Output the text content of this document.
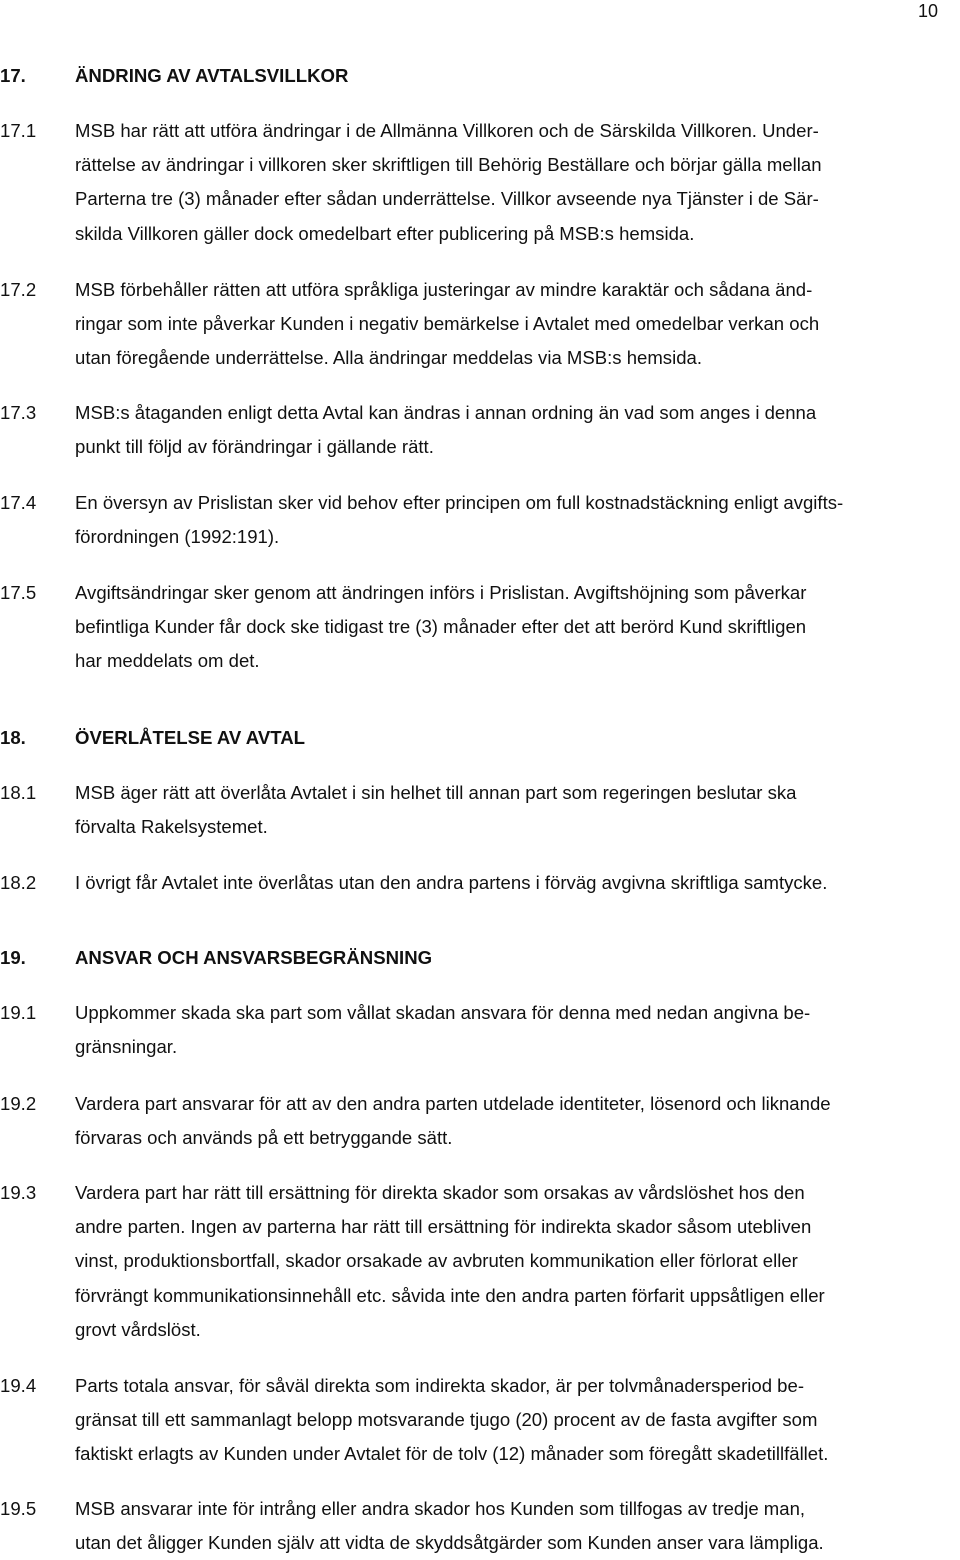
10
17.	ÄNDRING AV AVTALSVILLKOR
17.1 MSB har rätt att utföra ändringar i de Allmänna Villkoren och de Särskilda Villkoren. Under-
rättelse av ändringar i villkoren sker skriftligen till Behörig Beställare och börjar gälla mellan
Parterna tre (3) månader efter sådan underrättelse. Villkor avseende nya Tjänster i de Sär-
skilda Villkoren gäller dock omedelbart efter publicering på MSB:s hemsida.
17.2 MSB förbehåller rätten att utföra språkliga justeringar av mindre karaktär och sådana änd-
ringar som inte påverkar Kunden i negativ bemärkelse i Avtalet med omedelbar verkan och
utan föregående underrättelse. Alla ändringar meddelas via MSB:s hemsida.
17.3 MSB:s åtaganden enligt detta Avtal kan ändras i annan ordning än vad som anges i denna
punkt till följd av förändringar i gällande rätt.
17.4 En översyn av Prislistan sker vid behov efter principen om full kostnadstäckning enligt avgifts-
förordningen (1992:191).
17.5 Avgiftsändringar sker genom att ändringen införs i Prislistan. Avgiftshöjning som påverkar
befintliga Kunder får dock ske tidigast tre (3) månader efter det att berörd Kund skriftligen
har meddelats om det.
18.	ÖVERLÅTELSE AV AVTAL
18.1 MSB äger rätt att överlåta Avtalet i sin helhet till annan part som regeringen beslutar ska
förvalta Rakelsystemet.
18.2 I övrigt får Avtalet inte överlåtas utan den andra partens i förväg avgivna skriftliga samtycke.
19.	ANSVAR OCH ANSVARSBEGRÄNSNING
19.1 Uppkommer skada ska part som vållat skadan ansvara för denna med nedan angivna be-
gränsningar.
19.2 Vardera part ansvarar för att av den andra parten utdelade identiteter, lösenord och liknande
förvaras och används på ett betryggande sätt.
19.3 Vardera part har rätt till ersättning för direkta skador som orsakas av vårdslöshet hos den
andre parten. Ingen av parterna har rätt till ersättning för indirekta skador såsom utebliven
vinst, produktionsbortfall, skador orsakade av avbruten kommunikation eller förlorat eller
förvrängt kommunikationsinnehåll etc. såvida inte den andra parten förfarit uppsåtligen eller
grovt vårdslöst.
19.4 Parts totala ansvar, för såväl direkta som indirekta skador, är per tolvmånadersperiod be-
gränsat till ett sammanlagt belopp motsvarande tjugo (20) procent av de fasta avgifter som
faktiskt erlagts av Kunden under Avtalet för de tolv (12) månader som föregått skadetillfället.
19.5 MSB ansvarar inte för intrång eller andra skador hos Kunden som tillfogas av tredje man,
utan det åligger Kunden själv att vidta de skyddsåtgärder som Kunden anser vara lämpliga.
